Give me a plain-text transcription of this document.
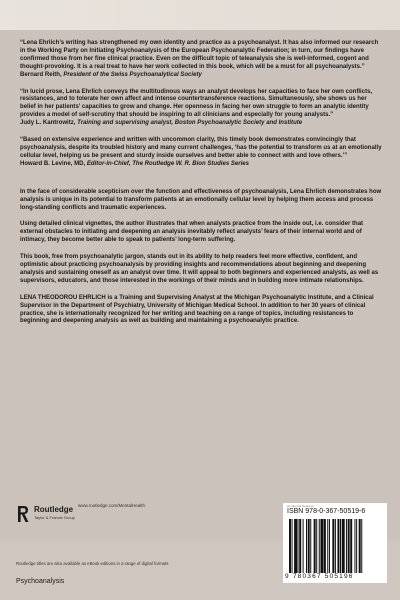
“Lena Ehrlich’s writing has strengthened my own identity and practice as a psychoanalyst. It has also informed our research in the Working Party on Initiating Psychoanalysis of the European Psychoanalytic Federation; in turn, our findings have confirmed those from her fine clinical practice. Even on the difficult topic of teleanalysis she is well-informed, cogent and thought-provoking. It is a real treat to have her work collected in this book, which will be a must for all psychoanalysts.”

Bernard Reith, President of the Swiss Psychoanalytical Society

“In lucid prose, Lena Ehrlich conveys the multitudinous ways an analyst develops her capacities to face her own conflicts, resistances, and to tolerate her own affect and intense countertransference reactions. Simultaneously, she shows us her belief in her patients’ capacities to grow and change. Her openness in facing her own struggle to form an analytic identity provides a model of self-scrutiny that should be inspiring to all clinicians and especially for young analysts.”

Judy L. Kantrowitz, Training and supervising analyst, Boston Psychoanalytic Society and Institute

“Based on extensive experience and written with uncommon clarity, this timely book demonstrates convincingly that psychoanalysis, despite its troubled history and many current challenges, ‘has the potential to transform us at an emotionally cellular level, helping us be present and sturdy inside ourselves and better able to connect with and love others.’”

Howard B. Levine, MD, Editor-in-Chief, The Routledge W. R. Bion Studies Series

In the face of considerable scepticism over the function and effectiveness of psychoanalysis, Lena Ehrlich demonstrates how analysis is unique in its potential to transform patients at an emotionally cellular level by helping them access and process long-standing conflicts and traumatic experiences.

Using detailed clinical vignettes, the author illustrates that when analysts practice from the inside out, i.e. consider that external obstacles to initiating and deepening an analysis inevitably reflect analysts’ fears of their internal world and of intimacy, they become better able to speak to patients’ long-term suffering.

This book, free from psychoanalytic jargon, stands out in its ability to help readers feel more effective, confident, and optimistic about practicing psychoanalysis by providing insights and recommendations about beginning and deepening analysis and sustaining oneself as an analyst over time. It will appeal to both beginners and experienced analysts, as well as supervisors, educators, and those interested in the workings of their minds and in building more intimate relationships.

LENA THEODOROU EHRLICH is a Training and Supervising Analyst at the Michigan Psychoanalytic Institute, and a Clinical Supervisor in the Department of Psychiatry, University of Michigan Medical School. In addition to her 30 years of clinical practice, she is internationally recognized for her writing and teaching on a range of topics, including resistances to beginning and deepening analysis as well as building and maintaining a psychoanalytic practice.

Routledge
Taylor & Francis Group
www.routledge.com/MentalHealth
Routledge titles are also available as eBook editions in a range of digital formats
Psychoanalysis
an informa business
ISBN 978-0-367-50519-6
9 780367 505196
